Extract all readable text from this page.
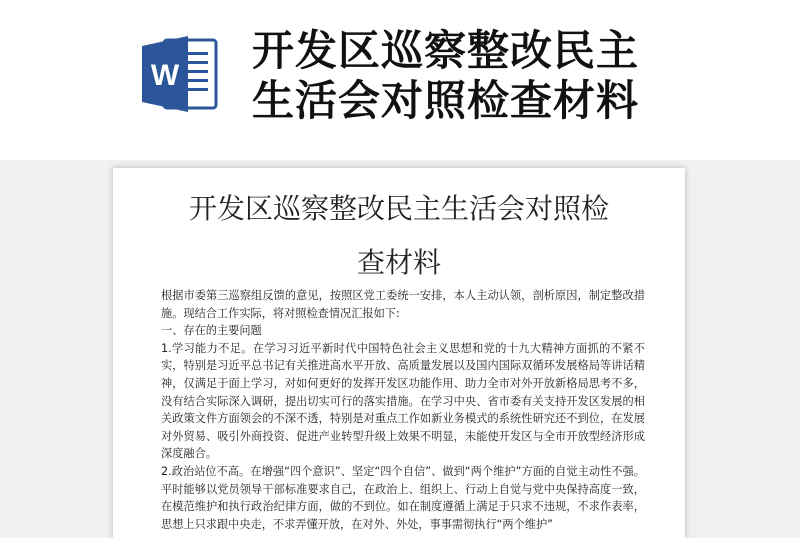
W
开发区巡察整改民主
生活会对照检查材料
开发区巡察整改民主生活会对照检
查材料

根据市委第三巡察组反馈的意见，按照区党工委统一安排，本人主动认领，剖析原因，制定整改措施。现结合工作实际，将对照检查情况汇报如下:

一、存在的主要问题

1.学习能力不足。在学习习近平新时代中国特色社会主义思想和党的十九大精神方面抓的不紧不实，特别是习近平总书记有关推进高水平开放、高质量发展以及国内国际双循环发展格局等讲话精神，仅满足于面上学习，对如何更好的发挥开发区功能作用、助力全市对外开放新格局思考不多，没有结合实际深入调研，提出切实可行的落实措施。在学习中央、省市委有关支持开发区发展的相关政策文件方面领会的不深不透，特别是对重点工作如新业务模式的系统性研究还不到位，在发展对外贸易、吸引外商投资、促进产业转型升级上效果不明显，未能使开发区与全市开放型经济形成深度融合。

2.政治站位不高。在增强“四个意识”、坚定“四个自信”、做到“两个维护”方面的自觉主动性不强。平时能够以党员领导干部标准要求自己，在政治上、组织上、行动上自觉与党中央保持高度一致，在模范维护和执行政治纪律方面，做的不到位。如在制度遵循上满足于只求不违规，不求作表率，思想上只求跟中央走，不求弄懂开放，在对外、外处，事事需彻执行“两个维护”
